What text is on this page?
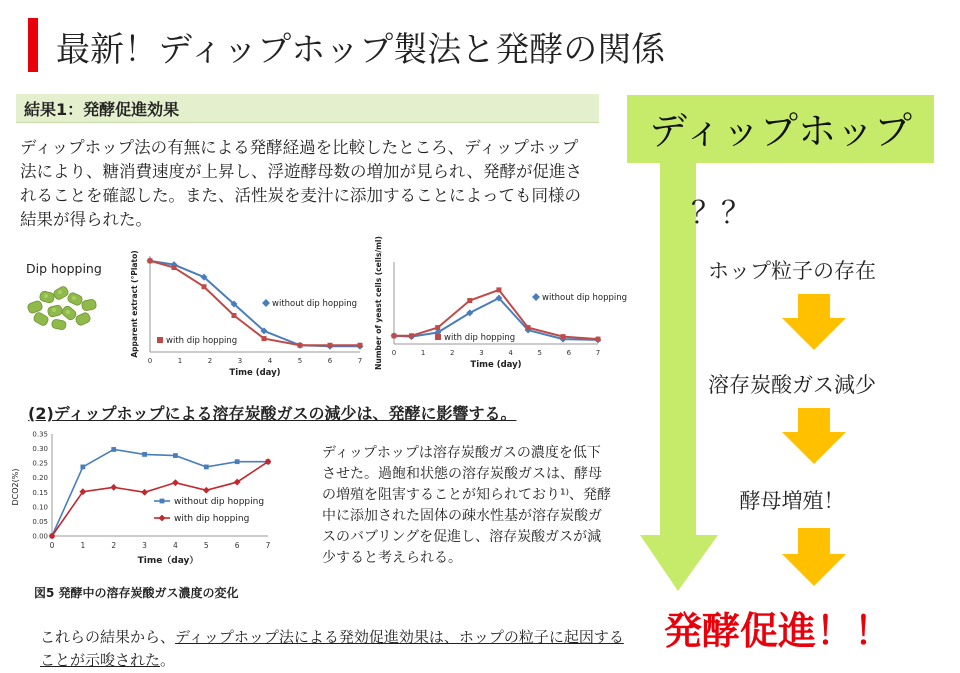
最新！ディップホップ製法と発酵の関係
結果1：発酵促進効果
ディップホップ法の有無による発酵経過を比較したところ、ディップホップ法により、糖消費速度が上昇し、浮遊酵母数の増加が見られ、発酵が促進されることを確認した。また、活性炭を麦汁に添加することによっても同様の結果が得られた。
Dip hopping
0	1	2	3	4	5	6	7
Time (day)
Apparent extract (°Plato)	without dip hopping
with dip hopping
0	1	2	3	4	5	6	7
Time (day)
Number of yeast cells (cells/ml)	without dip hopping
with dip hopping
(2)ディップホップによる溶存炭酸ガスの減少は、発酵に影響する。
0.00
0.05
0.10
0.15
0.20
0.25
0.30
0.35
0	1	2	3	4	5	6	7
Time（day）
DCO2(%)	without dip hopping
with dip hopping
ディップホップは溶存炭酸ガスの濃度を低下させた。過飽和状態の溶存炭酸ガスは、酵母の増殖を阻害することが知られており¹⁾、発酵中に添加された固体の疎水性基が溶存炭酸ガスのバブリングを促進し、溶存炭酸ガスが減少すると考えられる。
図5 発酵中の溶存炭酸ガス濃度の変化
これらの結果から、ディップホップ法による発効促進効果は、ホップの粒子に起因することが示唆された。
ディップホップ
？？
ホップ粒子の存在
溶存炭酸ガス減少
酵母増殖！
発酵促進！！
